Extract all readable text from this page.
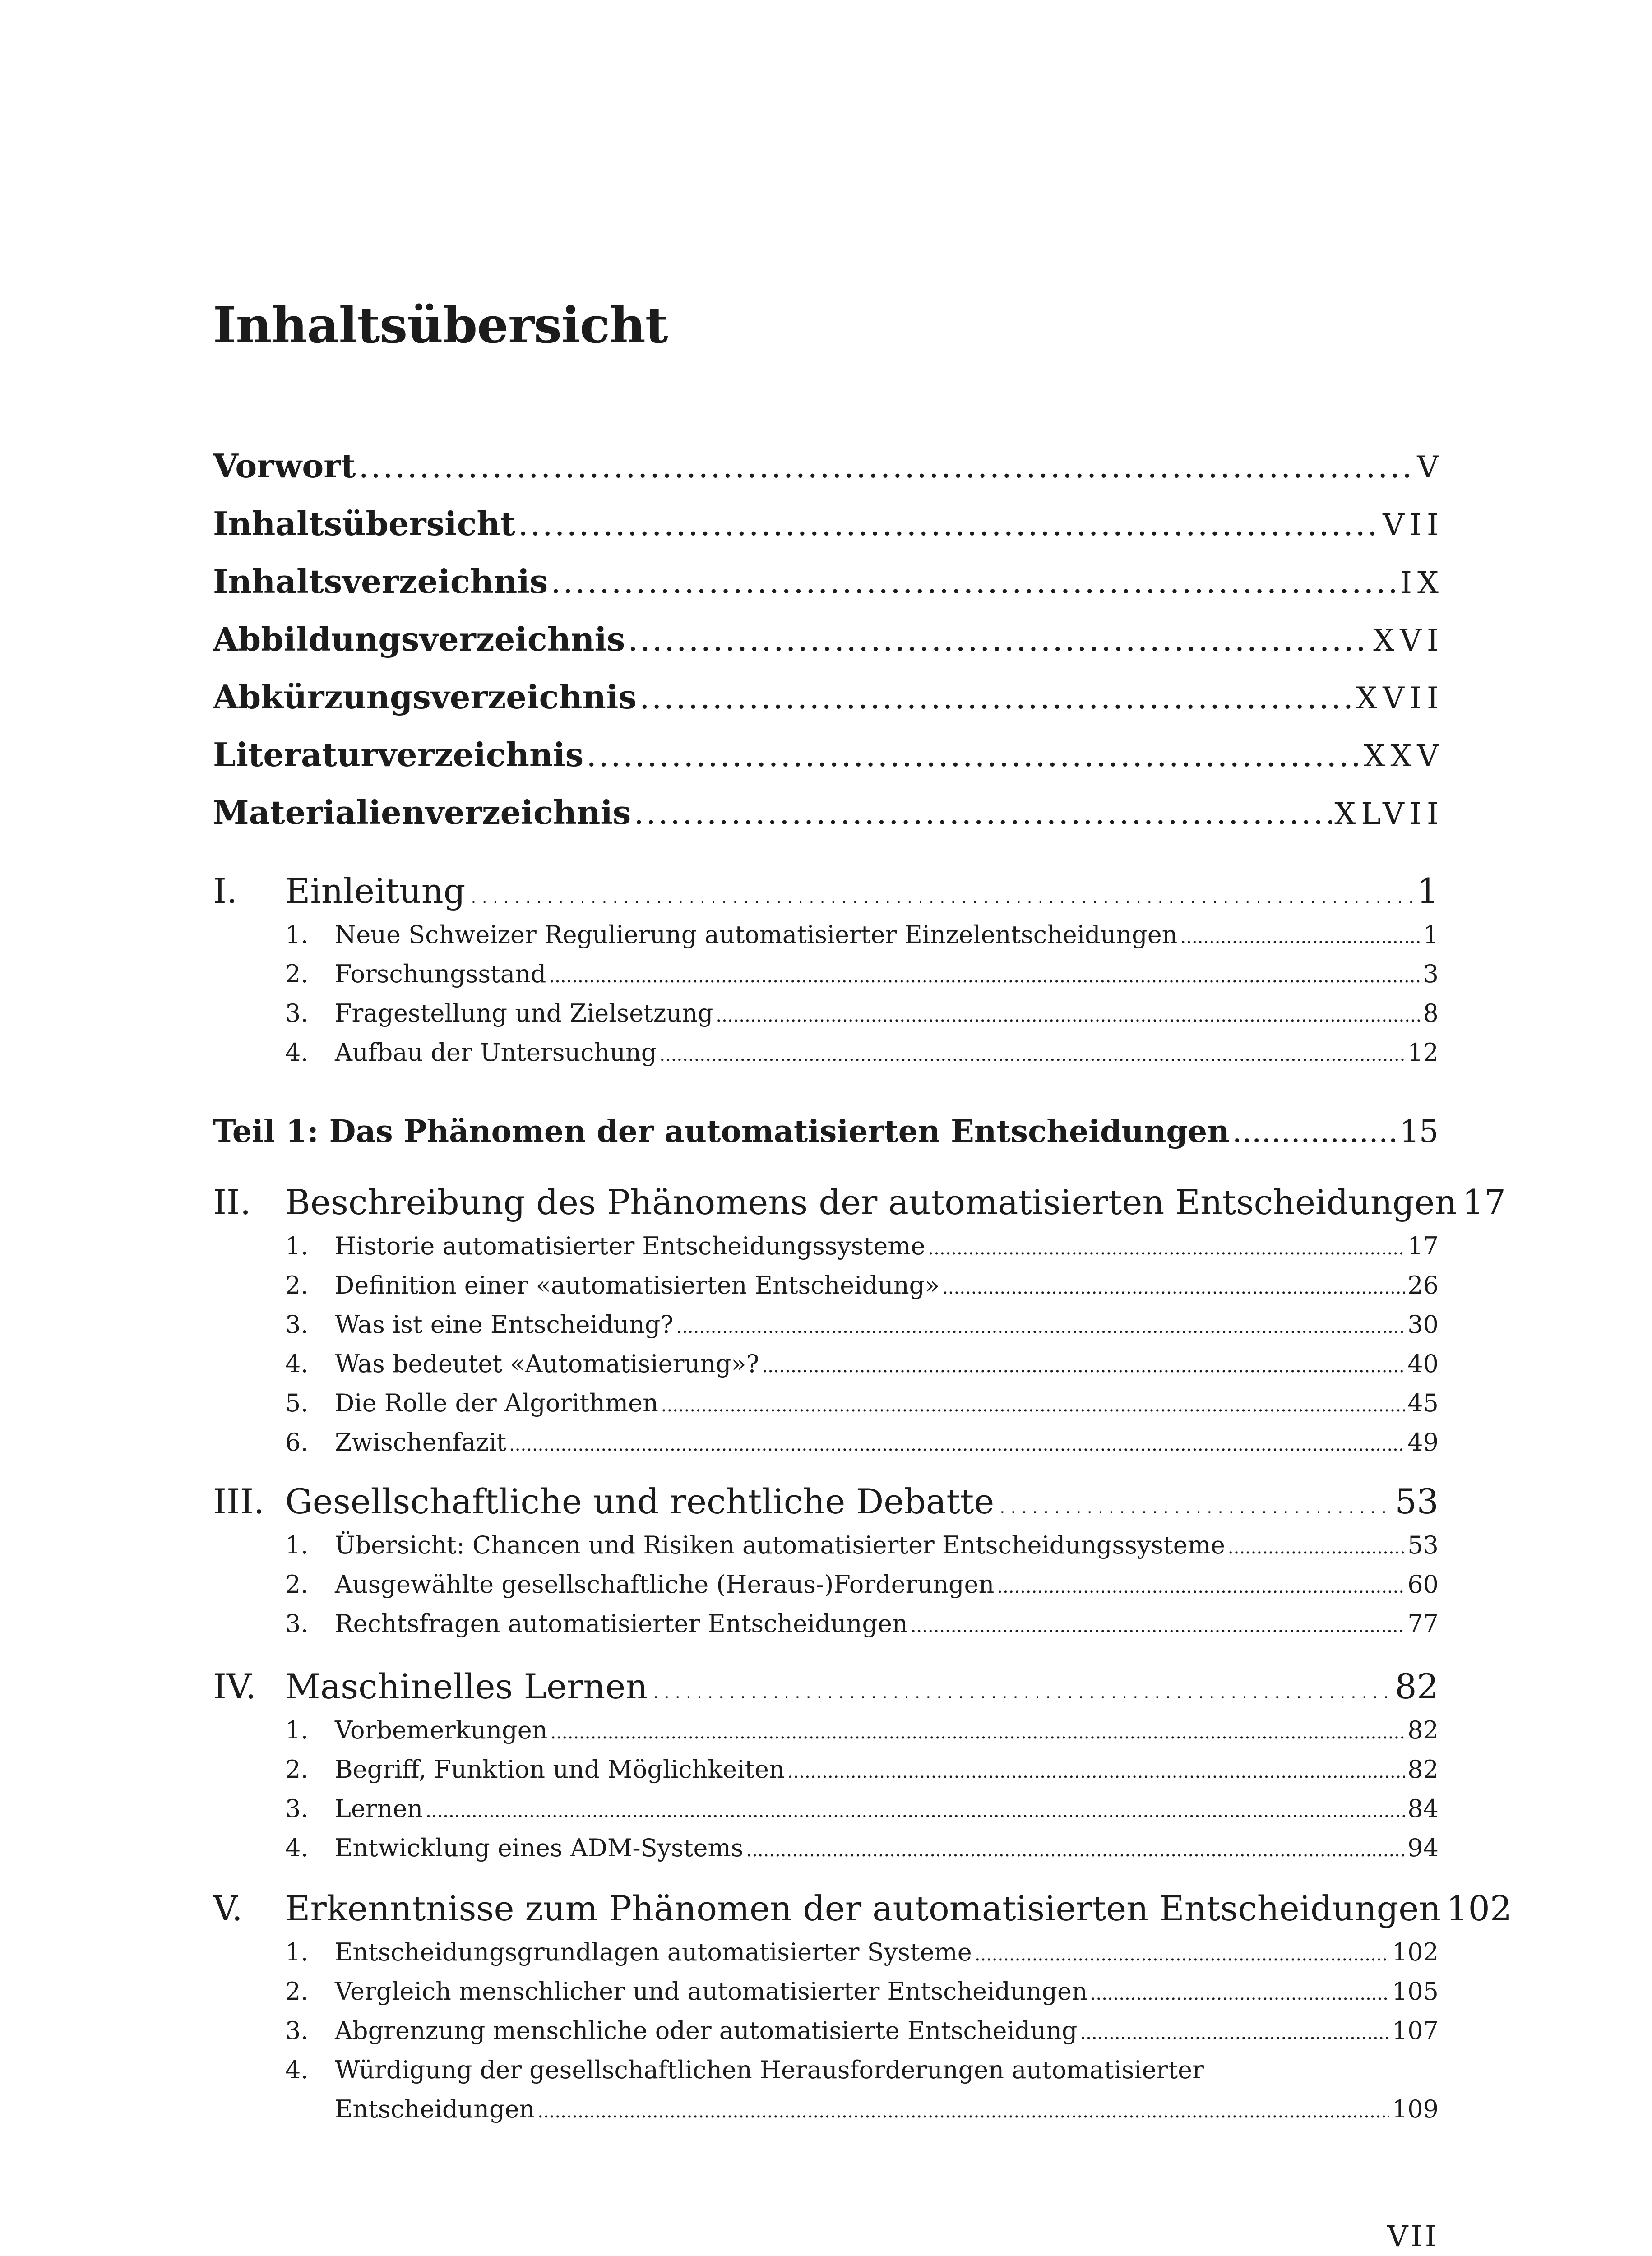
Inhaltsübersicht
Vorwort .....	V
Inhaltsübersicht .....	VII
Inhaltsverzeichnis .....	IX
Abbildungsverzeichnis .....	XVI
Abkürzungsverzeichnis .....	XVII
Literaturverzeichnis .....	XXV
Materialienverzeichnis .....	XLVII
I.	Einleitung .....	1
1.	Neue Schweizer Regulierung automatisierter Einzelentscheidungen .....	1
2.	Forschungsstand .....	3
3.	Fragestellung und Zielsetzung .....	8
4.	Aufbau der Untersuchung .....	12
Teil 1: Das Phänomen der automatisierten Entscheidungen .....	15
II. Beschreibung des Phänomens der automatisierten Entscheidungen 17
1.	Historie automatisierter Entscheidungssysteme .....	17
2.	Definition einer «automatisierten Entscheidung» .....	26
3.	Was ist eine Entscheidung? .....	30
4.	Was bedeutet «Automatisierung»? .....	40
5.	Die Rolle der Algorithmen .....	45
6.	Zwischenfazit .....	49
III. Gesellschaftliche und rechtliche Debatte .....	53
1.	Übersicht: Chancen und Risiken automatisierter Entscheidungssysteme .....	53
2.	Ausgewählte gesellschaftliche (Heraus-)Forderungen .....	60
3.	Rechtsfragen automatisierter Entscheidungen .....	77
IV. Maschinelles Lernen .....	82
1.	Vorbemerkungen .....	82
2.	Begriff, Funktion und Möglichkeiten .....	82
3.	Lernen .....	84
4.	Entwicklung eines ADM-Systems .....	94
V.	Erkenntnisse zum Phänomen der automatisierten Entscheidungen 102
1.	Entscheidungsgrundlagen automatisierter Systeme .....	102
2.	Vergleich menschlicher und automatisierter Entscheidungen .....	105
3.	Abgrenzung menschliche oder automatisierte Entscheidung .....	107
4.	Würdigung der gesellschaftlichen Herausforderungen automatisierter
Entscheidungen .....	109
VII
